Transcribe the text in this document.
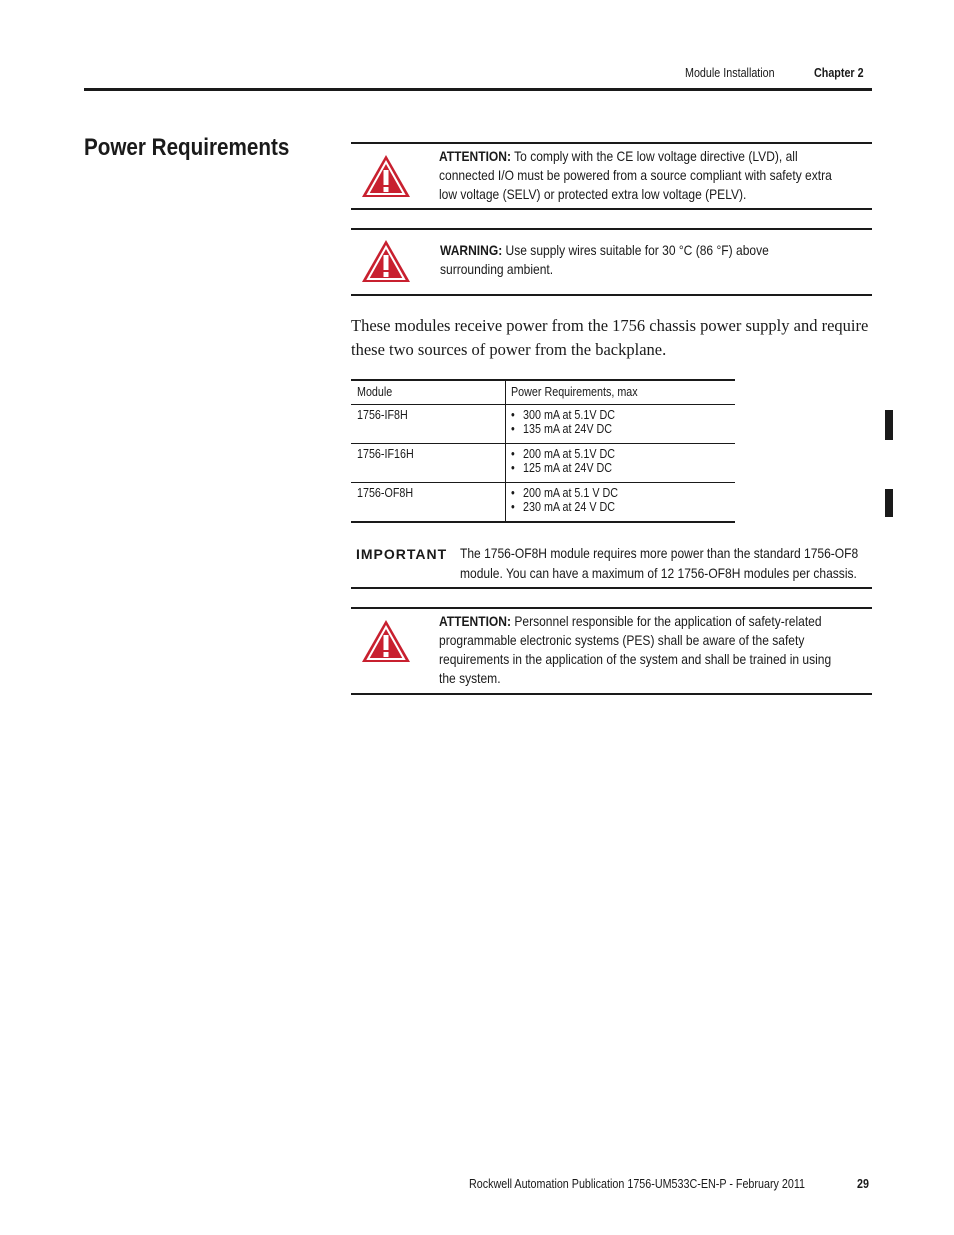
Module Installation	Chapter 2
Power Requirements	ATTENTION: To comply with the CE low voltage directive (LVD), all
connected I/O must be powered from a source compliant with safety extra
low voltage (SELV) or protected extra low voltage (PELV).
WARNING: Use supply wires suitable for 30 °C (86 °F) above
surrounding ambient.
These modules receive power from the 1756 chassis power supply and require
these two sources of power from the backplane.
Module	Power Requirements, max
1756-IF8H	• 300 mA at 5.1V DC
• 135 mA at 24V DC
1756-IF16H	• 200 mA at 5.1V DC
• 125 mA at 24V DC
1756-OF8H	• 200 mA at 5.1 V DC
• 230 mA at 24 V DC
IMPORTANT The 1756-OF8H module requires more power than the standard 1756-OF8
module. You can have a maximum of 12 1756-OF8H modules per chassis.
ATTENTION: Personnel responsible for the application of safety-related
programmable electronic systems (PES) shall be aware of the safety
requirements in the application of the system and shall be trained in using
the system.
Rockwell Automation Publication 1756-UM533C-EN-P - February 2011	29
